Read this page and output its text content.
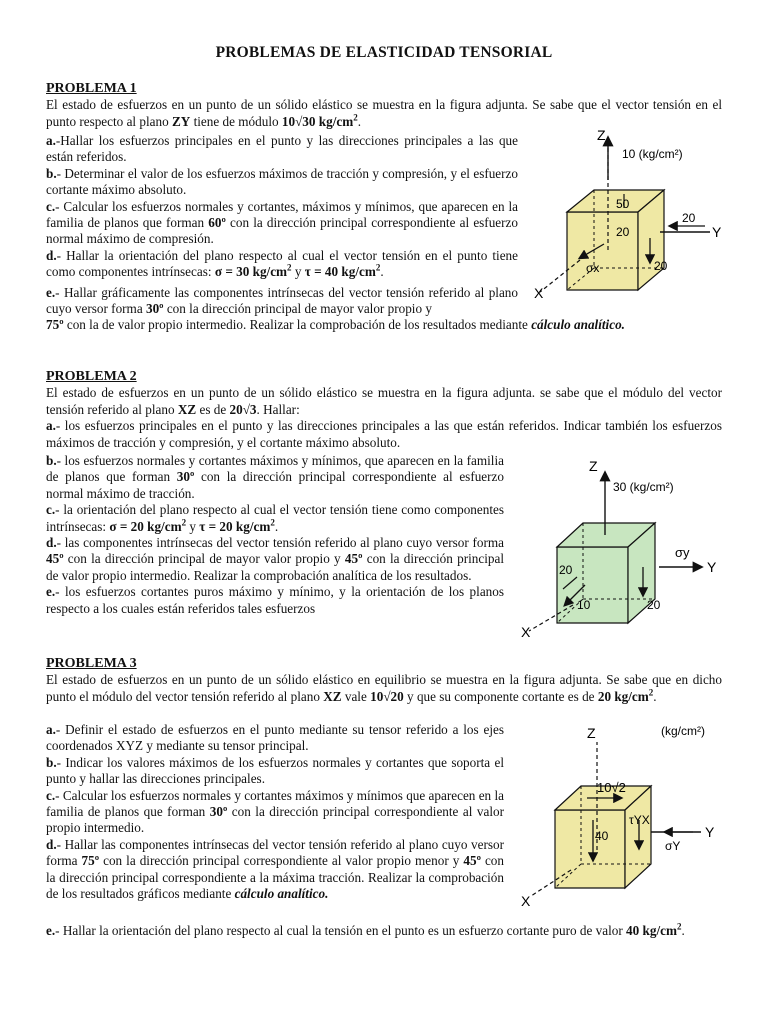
PROBLEMAS DE ELASTICIDAD TENSORIAL

PROBLEMA 1

El estado de esfuerzos en un punto de un sólido elástico se muestra en la figura adjunta. Se sabe que el vector tensión en el punto respecto al plano ZY tiene de módulo 10√30 $kg/cm^2$.

a.-Hallar los esfuerzos principales en el punto y las direcciones principales a las que están referidos.

b.- Determinar el valor de los esfuerzos máximos de tracción y compresión, y el esfuerzo cortante máximo absoluto.

c.- Calcular los esfuerzos normales y cortantes, máximos y mínimos, que aparecen en la familia de planos que forman 60º con la dirección principal correspondiente al esfuerzo normal máximo de compresión.

d.- Hallar la orientación del plano respecto al cual el vector tensión en el punto tiene como componentes intrínsecas: σ = 30 $kg/cm^2$ y τ = 40 $kg/cm^2$.

e.- Hallar gráficamente las componentes intrínsecas del vector tensión referido al plano cuyo versor forma 30º con la dirección principal de mayor valor propio y

75º con la de valor propio intermedio. Realizar la comprobación de los resultados mediante cálculo analítico.

Z
10 (kg/cm²)
Y
X
50
20
20
20
σx

PROBLEMA 2

El estado de esfuerzos en un punto de un sólido elástico se muestra en la figura adjunta. se sabe que el módulo del vector tensión referido al plano XZ es de 20√3. Hallar:

a.- los esfuerzos principales en el punto y las direcciones principales a las que están referidos. Indicar también los esfuerzos máximos de tracción y compresión, y el cortante máximo absoluto.

b.- los esfuerzos normales y cortantes máximos y mínimos, que aparecen en la familia de planos que forman 30º con la dirección principal correspondiente al esfuerzo normal máximo de tracción.

c.- la orientación del plano respecto al cual el vector tensión tiene como componentes intrínsecas: σ = 20 $kg/cm^2$ y τ = 20 $kg/cm^2$.

d.- las componentes intrínsecas del vector tensión referido al plano cuyo versor forma 45º con la dirección principal de mayor valor propio y 45º con la dirección principal de valor propio intermedio. Realizar la comprobación analítica de los resultados.

e.- los esfuerzos cortantes puros máximo y mínimo, y la orientación de los planos respecto a los cuales están referidos tales esfuerzos

Z
30 (kg/cm²)
Y
σy
X
20
10	20

PROBLEMA 3

El estado de esfuerzos en un punto de un sólido elástico en equilibrio se muestra en la figura adjunta. Se sabe que en dicho punto el módulo del vector tensión referido al plano XZ vale 10√20 y que su componente cortante es de 20 $kg/cm^2$.

a.- Definir el estado de esfuerzos en el punto mediante su tensor referido a los ejes coordenados XYZ y mediante su tensor principal.

b.- Indicar los valores máximos de los esfuerzos normales y cortantes que soporta el punto y hallar las direcciones principales.

c.- Calcular los esfuerzos normales y cortantes máximos y mínimos que aparecen en la familia de planos que forman 30º con la dirección principal correspondiente al valor propio intermedio.

d.- Hallar las componentes intrínsecas del vector tensión referido al plano cuyo versor forma 75º con la dirección principal correspondiente al valor propio menor y 45º con la dirección principal correspondiente a la máxima tracción. Realizar la comprobación de los resultados gráficos mediante cálculo analítico.

e.- Hallar la orientación del plano respecto al cual la tensión en el punto es un esfuerzo cortante puro de valor 40 $kg/cm^2$.

Z	(kg/cm²)
10√2
Y
τYX
σY
40
X
